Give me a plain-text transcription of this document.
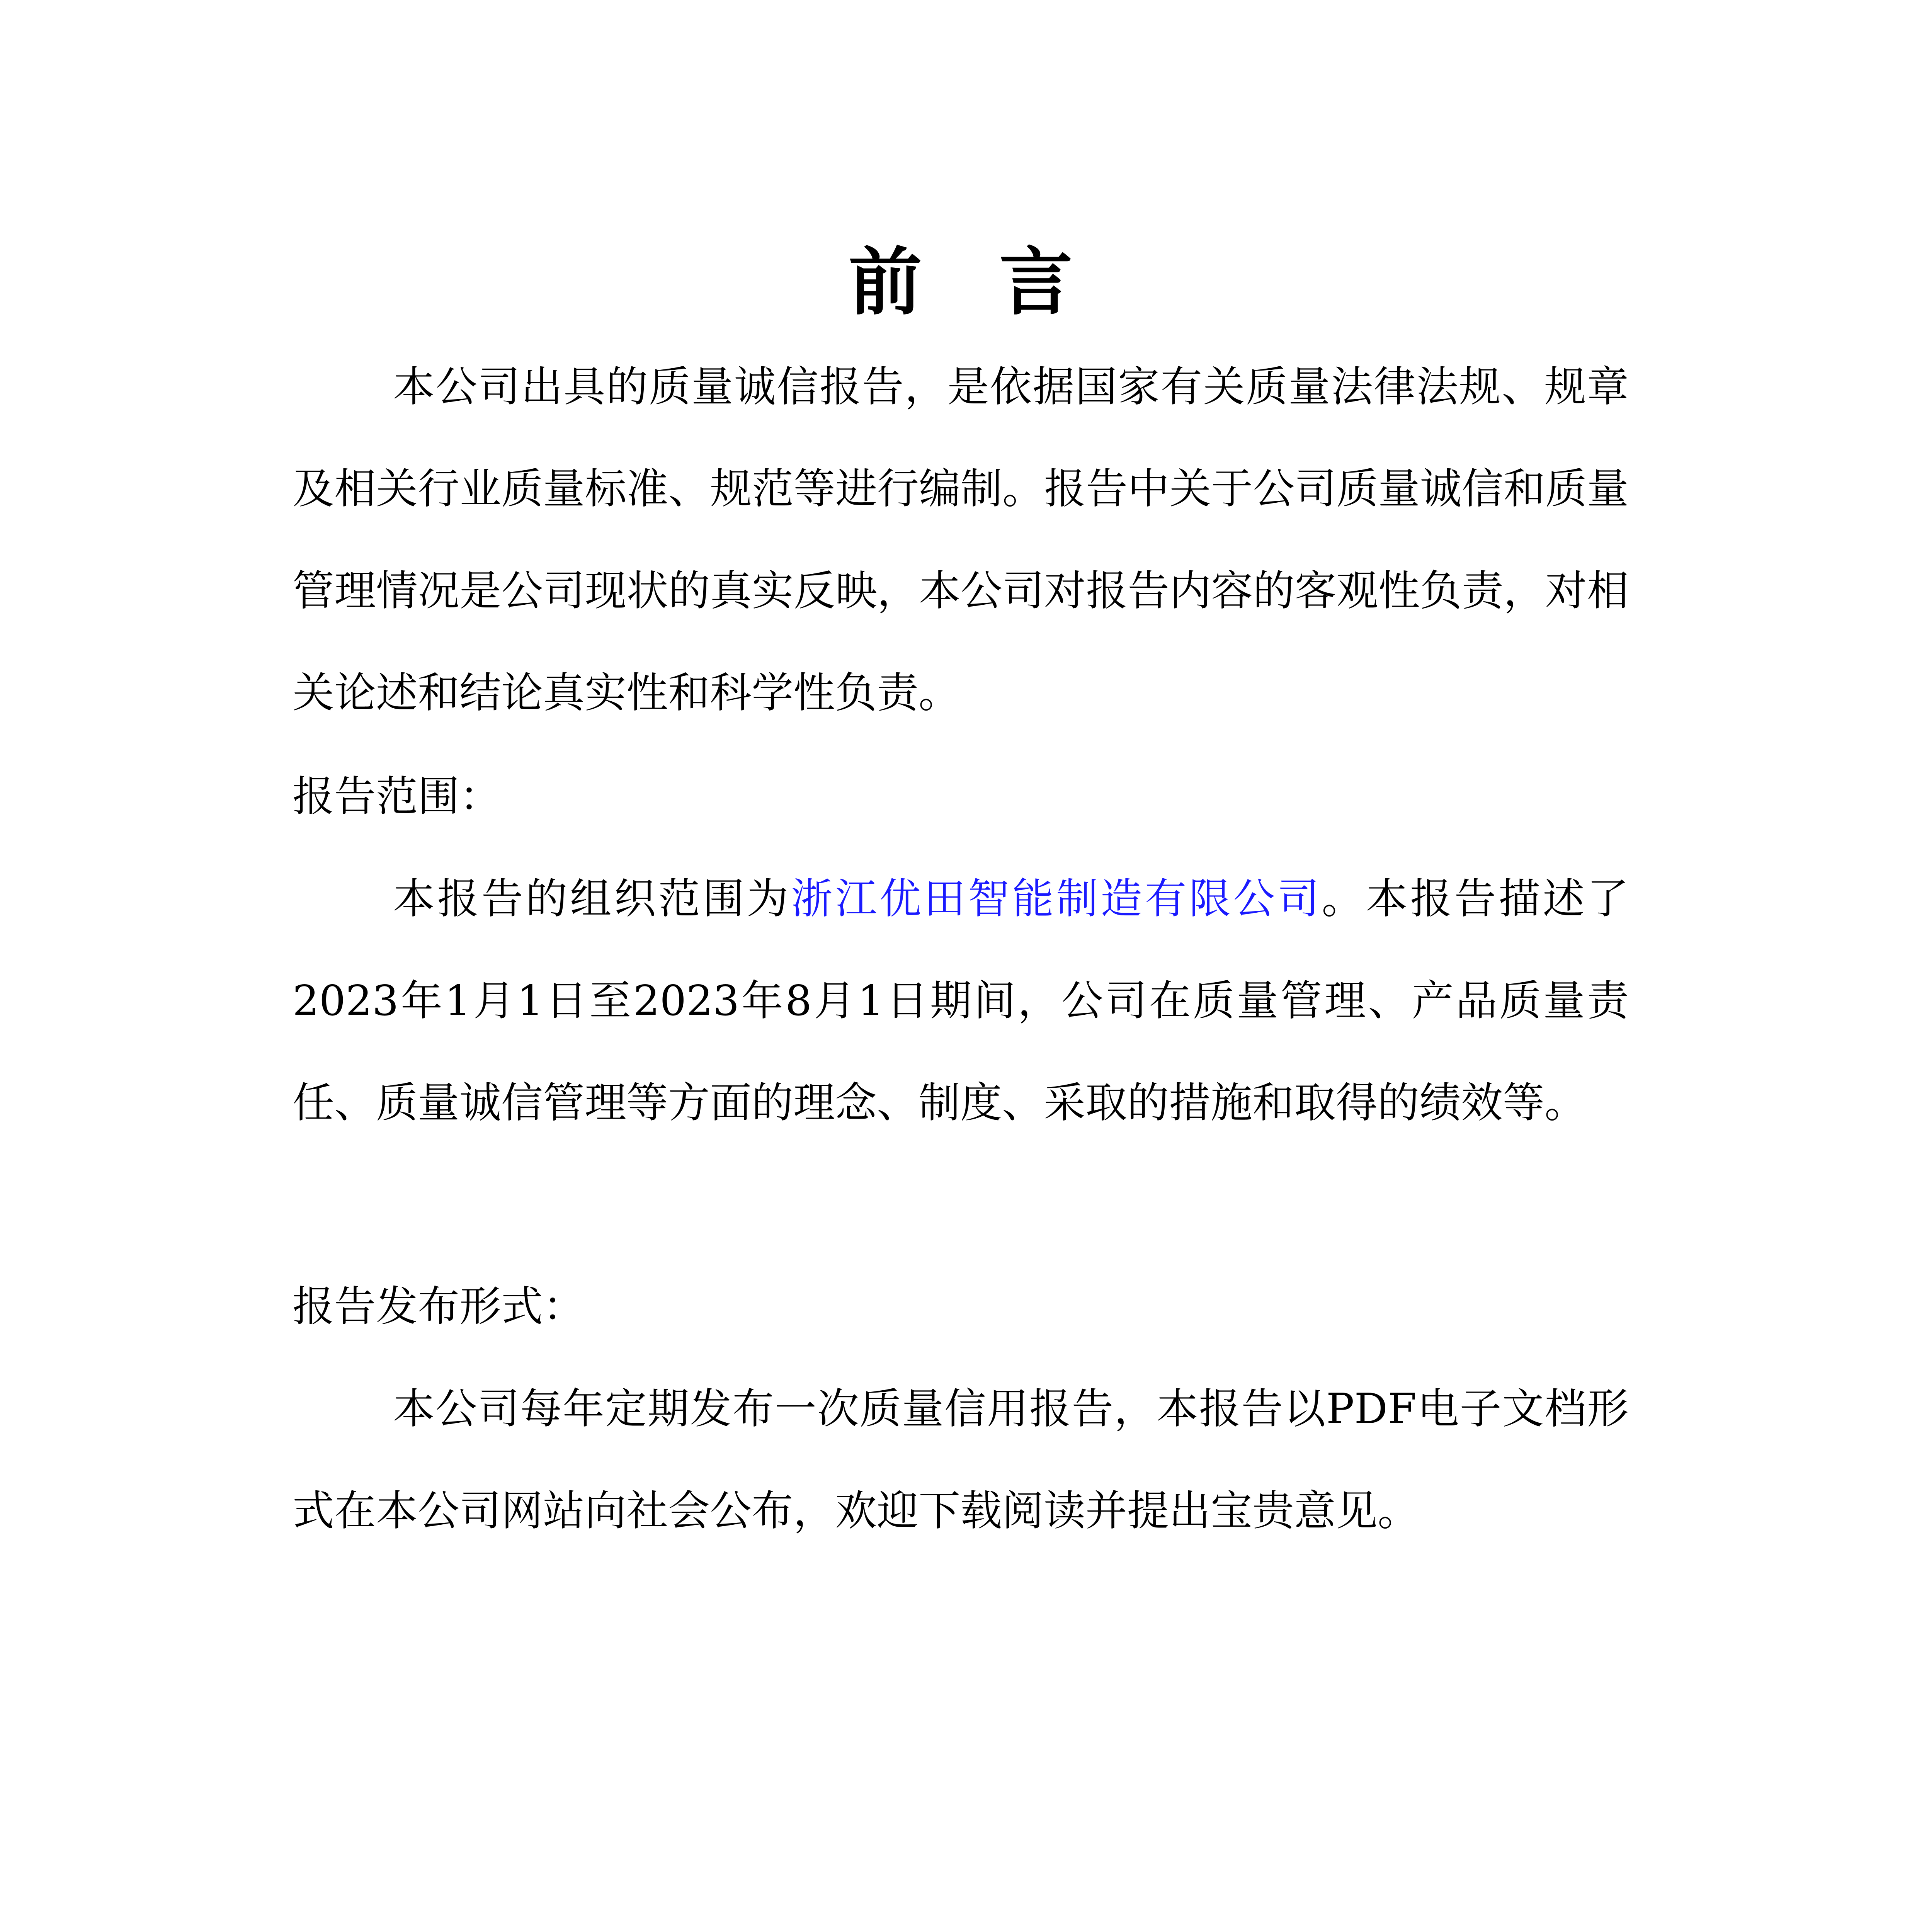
前 言

本公司出具的质量诚信报告，是依据国家有关质量法律法规、规章及相关行业质量标准、规范等进行编制。报告中关于公司质量诚信和质量管理情况是公司现状的真实反映，本公司对报告内容的客观性负责，对相关论述和结论真实性和科学性负责。

报告范围：

本报告的组织范围为浙江优田智能制造有限公司。本报告描述了2023年1月1日至2023年8月1日期间，公司在质量管理、产品质量责任、质量诚信管理等方面的理念、制度、采取的措施和取得的绩效等。

报告发布形式：

本公司每年定期发布一次质量信用报告，本报告以PDF电子文档形式在本公司网站向社会公布，欢迎下载阅读并提出宝贵意见。
